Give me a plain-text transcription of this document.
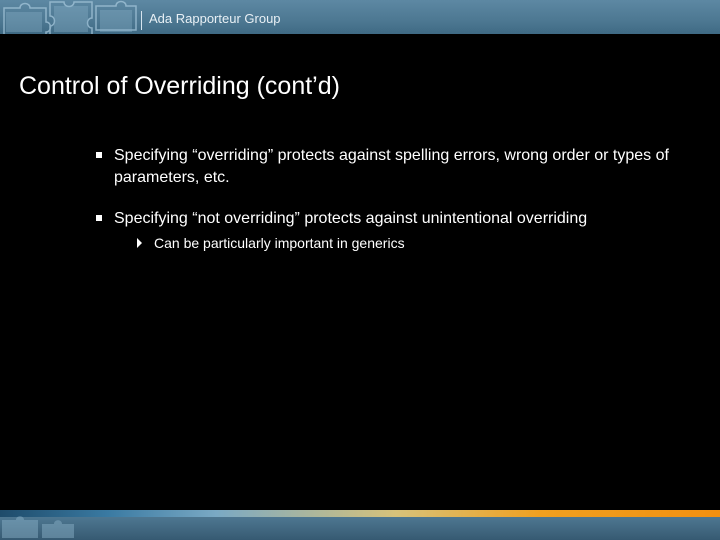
Ada Rapporteur Group
Control of Overriding (cont’d)
Specifying “overriding” protects against spelling errors, wrong order or types of parameters, etc.
Specifying “not overriding” protects against unintentional overriding
Can be particularly important in generics
